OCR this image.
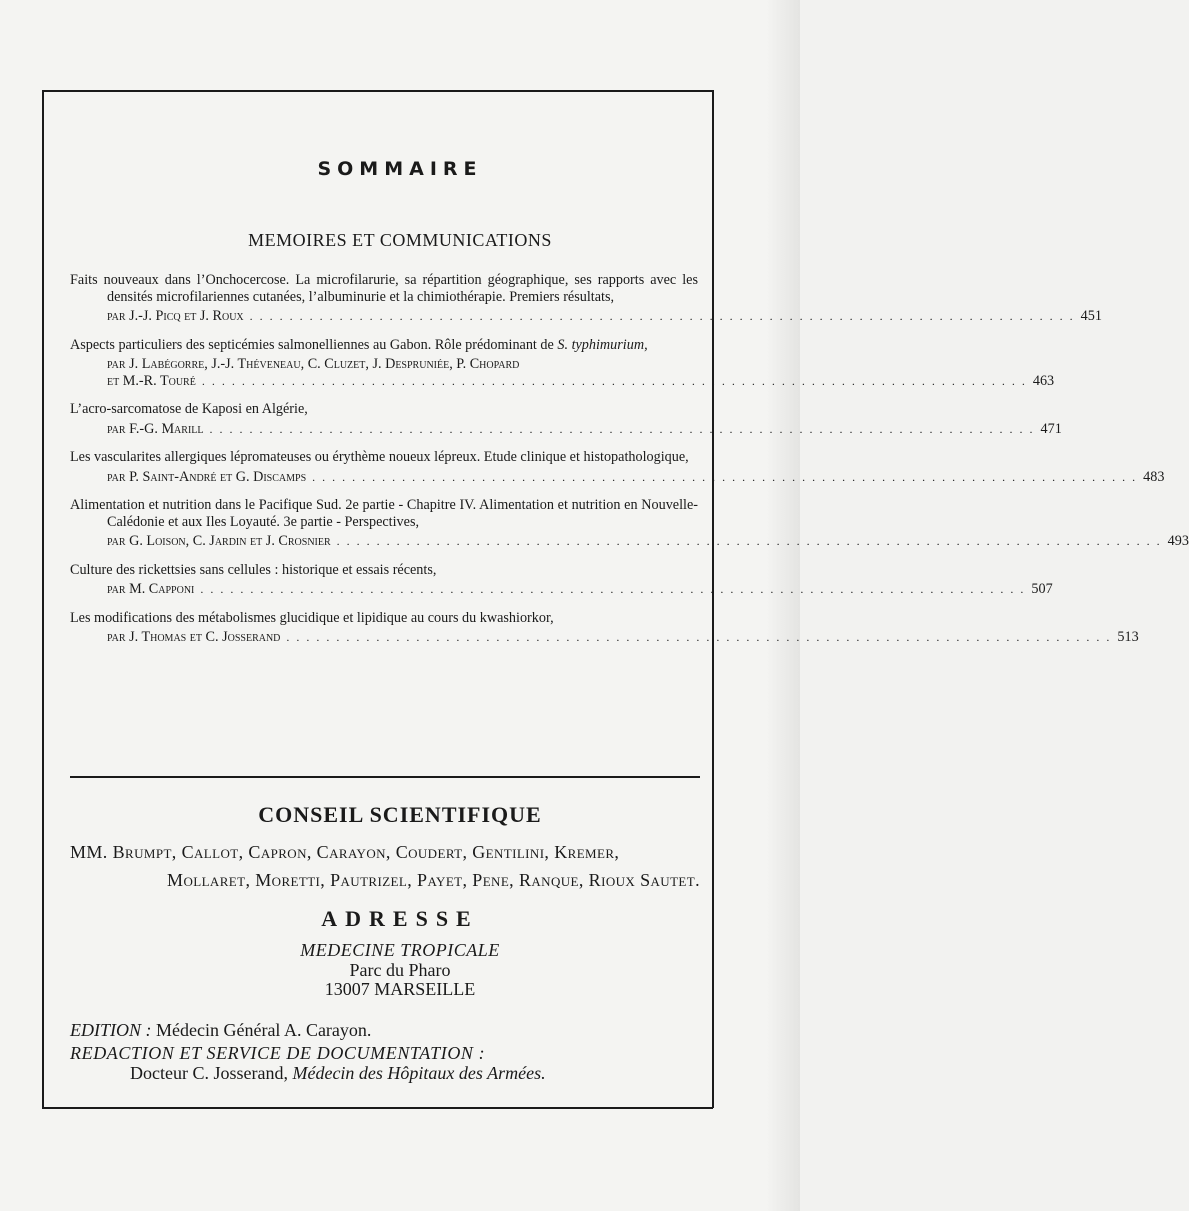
SOMMAIRE
MEMOIRES ET COMMUNICATIONS
Faits nouveaux dans l’Onchocercose. La microfilarurie, sa répartition géographique, ses rapports avec les densités microfilariennes cutanées, l’albuminurie et la chimiothérapie. Premiers résultats,
par J.-J. Picq et J. Roux . . . . . . . . . . . . . . . . . . . . . . . . . . . . . . . . . . . . . . . . . . . . . . . . . . . . . . . . . . . . . . . . . . . . . . . . . . . . . . . . . . . 451
Aspects particuliers des septicémies salmonelliennes au Gabon. Rôle prédominant de S. typhimurium,
par J. Labégorre, J.-J. Théveneau, C. Cluzet, J. Despruniée, P. Chopard
et M.-R. Touré . . . . . . . . . . . . . . . . . . . . . . . . . . . . . . . . . . . . . . . . . . . . . . . . . . . . . . . . . . . . . . . . . . . . . . . . . . . . . . . . . . . 463
L’acro-sarcomatose de Kaposi en Algérie,
par F.-G. Marill . . . . . . . . . . . . . . . . . . . . . . . . . . . . . . . . . . . . . . . . . . . . . . . . . . . . . . . . . . . . . . . . . . . . . . . . . . . . . . . . . . . 471
Les vascularites allergiques lépromateuses ou érythème noueux lépreux. Etude clinique et histopathologique,
par P. Saint-André et G. Discamps . . . . . . . . . . . . . . . . . . . . . . . . . . . . . . . . . . . . . . . . . . . . . . . . . . . . . . . . . . . . . . . . . . . . . . . . . . . . . . . . . . . 483
Alimentation et nutrition dans le Pacifique Sud. 2e partie - Chapitre IV. Alimentation et nutrition en Nouvelle-Calédonie et aux Iles Loyauté. 3e partie - Perspectives,
par G. Loison, C. Jardin et J. Crosnier . . . . . . . . . . . . . . . . . . . . . . . . . . . . . . . . . . . . . . . . . . . . . . . . . . . . . . . . . . . . . . . . . . . . . . . . . . . . . . . . . . . 493
Culture des rickettsies sans cellules : historique et essais récents,
par M. Capponi . . . . . . . . . . . . . . . . . . . . . . . . . . . . . . . . . . . . . . . . . . . . . . . . . . . . . . . . . . . . . . . . . . . . . . . . . . . . . . . . . . . 507
Les modifications des métabolismes glucidique et lipidique au cours du kwashiorkor,
par J. Thomas et C. Josserand . . . . . . . . . . . . . . . . . . . . . . . . . . . . . . . . . . . . . . . . . . . . . . . . . . . . . . . . . . . . . . . . . . . . . . . . . . . . . . . . . . . 513
CONSEIL SCIENTIFIQUE
MM. Brumpt, Callot, Capron, Carayon, Coudert, Gentilini, Kremer,
Mollaret, Moretti, Pautrizel, Payet, Pene, Ranque, Rioux Sautet.
ADRESSE
MEDECINE TROPICALE
Parc du Pharo
13007 MARSEILLE
EDITION : Médecin Général A. Carayon.
REDACTION ET SERVICE DE DOCUMENTATION :
Docteur C. Josserand, Médecin des Hôpitaux des Armées.
